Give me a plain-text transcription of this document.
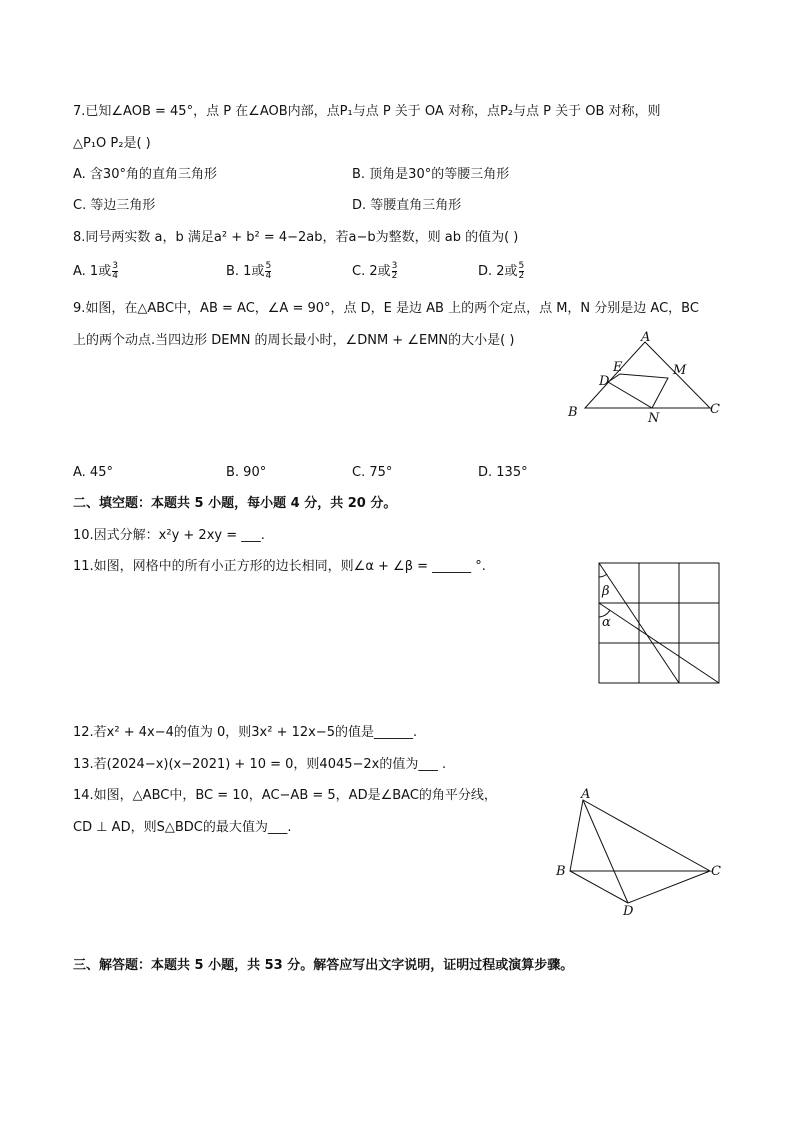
7.已知∠AOB = 45°，点 P 在∠AOB内部，点P₁与点 P 关于 OA 对称，点P₂与点 P 关于 OB 对称，则
△P₁O P₂是( )
A. 含30°角的直角三角形	B. 顶角是30°的等腰三角形
C. 等边三角形	D. 等腰直角三角形
8.同号两实数 a，b 满足a² + b² = 4−2ab，若a−b为整数，则 ab 的值为( )
A. 1或 $\frac{3}{4}$	B. 1或 $\frac{5}{4}$	C. 2或 $\frac{3}{2}$	D. 2或 $\frac{5}{2}$
9.如图，在△ABC中，AB = AC，∠A = 90°，点 D，E 是边 AB 上的两个定点，点 M，N 分别是边 AC，BC
上的两个动点.当四边形 DEMN 的周长最小时，∠DNM + ∠EMN的大小是( )	A
B	C
D
E	M
N
A. 45°	B. 90°	C. 75°	D. 135°
二、填空题：本题共 5 小题，每小题 4 分，共 20 分。
10.因式分解：x²y + 2xy = ___.
11.如图，网格中的所有小正方形的边长相同，则∠α + ∠β = ______ °.
β
α
12.若x² + 4x−4的值为 0，则3x² + 12x−5的值是______.
13.若(2024−x)(x−2021) + 10 = 0，则4045−2x的值为___ .
14.如图，△ABC中，BC = 10，AC−AB = 5，AD是∠BAC的角平分线，
CD ⊥ AD，则S△BDC的最大值为___.
A
B	C
D
三、解答题：本题共 5 小题，共 53 分。解答应写出文字说明，证明过程或演算步骤。
